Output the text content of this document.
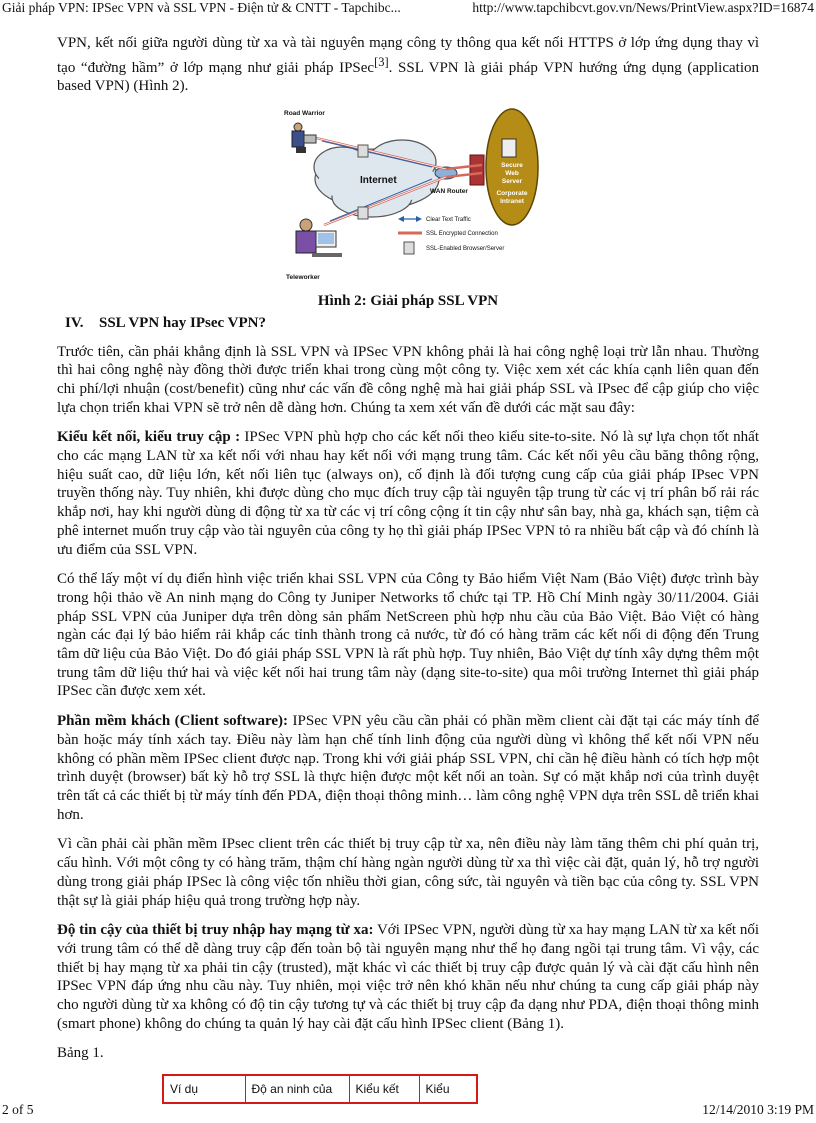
Giải pháp VPN: IPSec VPN và SSL VPN - Điện tử & CNTT - Tapchibc...	http://www.tapchibcvt.gov.vn/News/PrintView.aspx?ID=16874

VPN, kết nối giữa người dùng từ xa và tài nguyên mạng công ty thông qua kết nối HTTPS ở lớp ứng dụng thay vì tạo “đường hầm” ở lớp mạng như giải pháp IPSec[3]. SSL VPN là giải pháp VPN hướng ứng dụng (application based VPN) (Hình 2).

Internet
Secure
Web
Server
Corporate
Intranet
WAN Router
Road Warrior
Teleworker
Clear Text Traffic
SSL Encrypted Connection
SSL-Enabled Browser/Server
Hình 2: Giải pháp SSL VPN
IV. SSL VPN hay IPsec VPN?

Trước tiên, cần phải khẳng định là SSL VPN và IPSec VPN không phải là hai công nghệ loại trừ lẫn nhau. Thường thì hai công nghệ này đồng thời được triển khai trong cùng một công ty. Việc xem xét các khía cạnh liên quan đến chi phí/lợi nhuận (cost/benefit) cũng như các vấn đề công nghệ mà hai giải pháp SSL và IPsec để cập giúp cho việc lựa chọn triển khai VPN sẽ trở nên dễ dàng hơn. Chúng ta xem xét vấn đề dưới các mặt sau đây:

Kiểu kết nối, kiểu truy cập : IPSec VPN phù hợp cho các kết nối theo kiểu site-to-site. Nó là sự lựa chọn tốt nhất cho các mạng LAN từ xa kết nối với nhau hay kết nối với mạng trung tâm. Các kết nối yêu cầu băng thông rộng, hiệu suất cao, dữ liệu lớn, kết nối liên tục (always on), cố định là đối tượng cung cấp của giải pháp IPsec VPN truyền thống này. Tuy nhiên, khi được dùng cho mục đích truy cập tài nguyên tập trung từ các vị trí phân bố rải rác khắp nơi, hay khi người dùng di động từ xa từ các vị trí công cộng ít tin cậy như sân bay, nhà ga, khách sạn, tiệm cà phê internet muốn truy cập vào tài nguyên của công ty họ thì giải pháp IPSec VPN tỏ ra nhiều bất cập và đó chính là ưu điểm của SSL VPN.

Có thể lấy một ví dụ điển hình việc triển khai SSL VPN của Công ty Bảo hiểm Việt Nam (Bảo Việt) được trình bày trong hội thảo về An ninh mạng do Công ty Juniper Networks tổ chức tại TP. Hồ Chí Minh ngày 30/11/2004. Giải pháp SSL VPN của Juniper dựa trên dòng sản phẩm NetScreen phù hợp nhu cầu của Bảo Việt. Bảo Việt có hàng ngàn các đại lý bảo hiểm rải khắp các tỉnh thành trong cả nước, từ đó có hàng trăm các kết nối di động đến Trung tâm dữ liệu của Bảo Việt. Do đó giải pháp SSL VPN là rất phù hợp. Tuy nhiên, Bảo Việt dự tính xây dựng thêm một trung tâm dữ liệu thứ hai và việc kết nối hai trung tâm này (dạng site-to-site) qua môi trường Internet thì giải pháp IPSec cần được xem xét.

Phần mềm khách (Client software): IPSec VPN yêu cầu cần phải có phần mềm client cài đặt tại các máy tính để bàn hoặc máy tính xách tay. Điều này làm hạn chế tính linh động của người dùng vì không thể kết nối VPN nếu không có phần mềm IPSec client được nạp. Trong khi với giải pháp SSL VPN, chỉ cần hệ điều hành có tích hợp một trình duyệt (browser) bất kỳ hỗ trợ SSL là thực hiện được một kết nối an toàn. Sự có mặt khắp nơi của trình duyệt trên tất cả các thiết bị từ máy tính đến PDA, điện thoại thông minh… làm công nghệ VPN dựa trên SSL dễ triển khai hơn.

Vì cần phải cài phần mềm IPsec client trên các thiết bị truy cập từ xa, nên điều này làm tăng thêm chi phí quản trị, cấu hình. Với một công ty có hàng trăm, thậm chí hàng ngàn người dùng từ xa thì việc cài đặt, quản lý, hỗ trợ người dùng trong giải pháp IPSec là công việc tốn nhiều thời gian, công sức, tài nguyên và tiền bạc của công ty. SSL VPN thật sự là giải pháp hiệu quả trong trường hợp này.

Độ tin cậy của thiết bị truy nhập hay mạng từ xa: Với IPSec VPN, người dùng từ xa hay mạng LAN từ xa kết nối với trung tâm có thể dễ dàng truy cập đến toàn bộ tài nguyên mạng như thể họ đang ngồi tại trung tâm. Vì vậy, các thiết bị hay mạng từ xa phải tin cậy (trusted), mặt khác vì các thiết bị truy cập được quản lý và cài đặt cấu hình nên IPSec VPN đáp ứng nhu cầu này. Tuy nhiên, mọi việc trở nên khó khăn nếu như chúng ta cung cấp giải pháp này cho người dùng từ xa không có độ tin cậy tương tự và các thiết bị truy cập đa dạng như PDA, điện thoại thông minh (smart phone) không do chúng ta quản lý hay cài đặt cấu hình IPSec client (Bảng 1).

Bảng 1.

Ví dụ	Độ an ninh của	Kiểu kết	Kiểu
2 of 5	12/14/2010 3:19 PM
